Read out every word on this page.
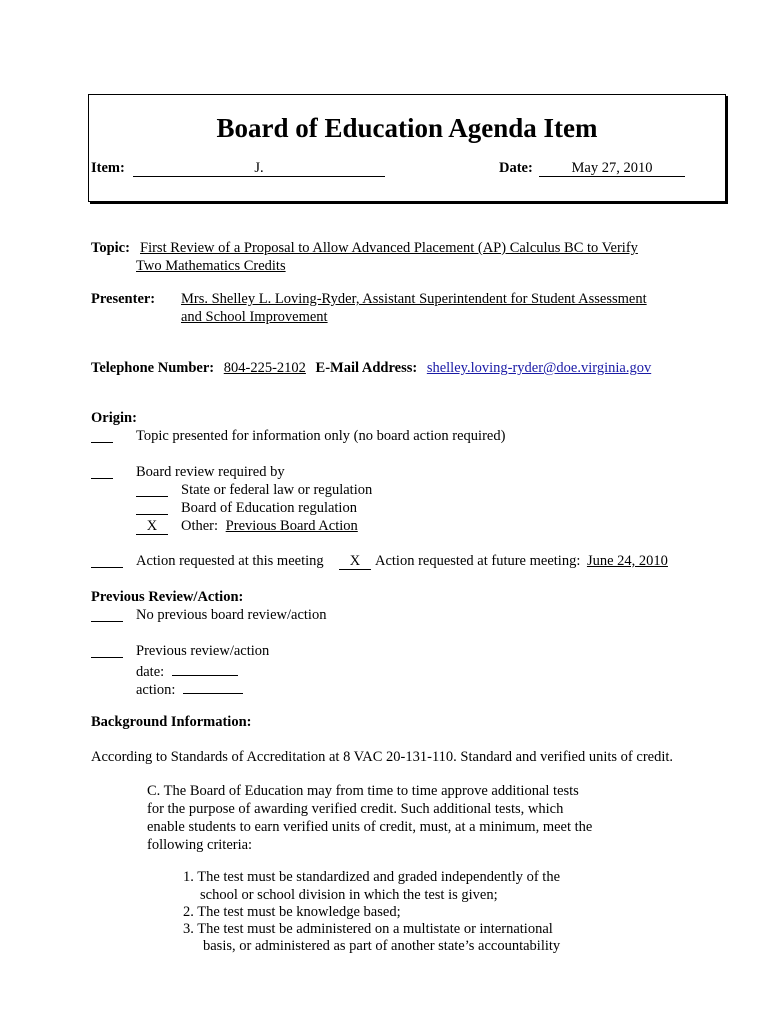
Board of Education Agenda Item
Item:	J.	Date:	May 27, 2010
Topic: First Review of a Proposal to Allow Advanced Placement (AP) Calculus BC to Verify
Two Mathematics Credits
Presenter: Mrs. Shelley L. Loving-Ryder, Assistant Superintendent for Student Assessment
and School Improvement
Telephone Number: 804-225-2102 E-Mail Address: shelley.loving-ryder@doe.virginia.gov
Origin:
Topic presented for information only (no board action required)
Board review required by
State or federal law or regulation
Board of Education regulation
X	Other: Previous Board Action
Action requested at this meeting	X	Action requested at future meeting: June 24, 2010
Previous Review/Action:
No previous board review/action
Previous review/action
date:
action:
Background Information:
According to Standards of Accreditation at 8 VAC 20-131-110. Standard and verified units of credit.
C. The Board of Education may from time to time approve additional tests
for the purpose of awarding verified credit. Such additional tests, which
enable students to earn verified units of credit, must, at a minimum, meet the
following criteria:
1. The test must be standardized and graded independently of the
school or school division in which the test is given;
2. The test must be knowledge based;
3. The test must be administered on a multistate or international
basis, or administered as part of another state’s accountability
